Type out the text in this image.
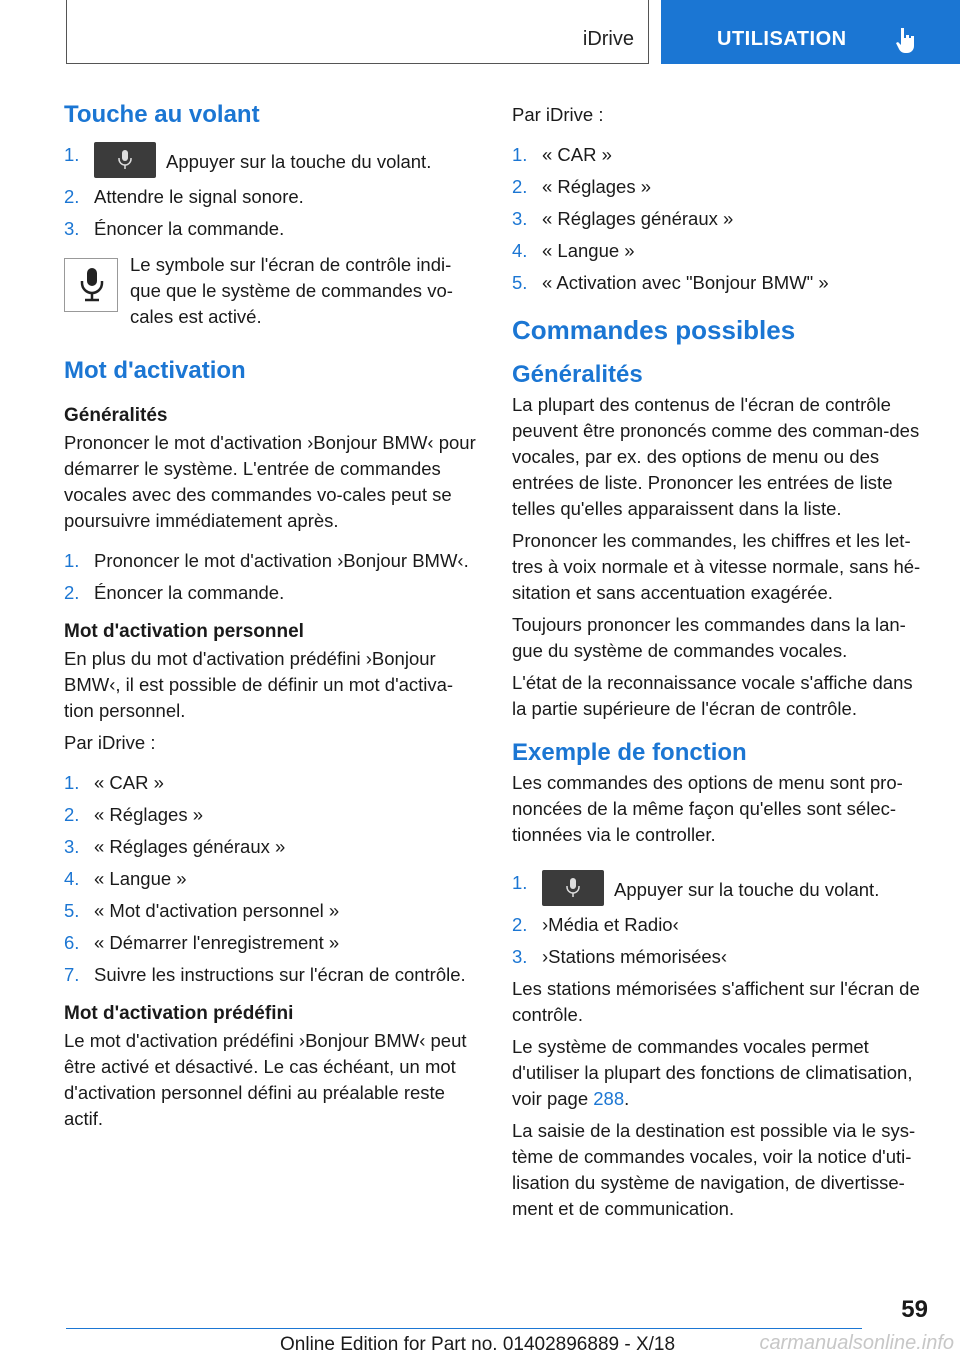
iDrive	UTILISATION
Touche au volant
1.	Appuyer sur la touche du volant.
2. Attendre le signal sonore.
3. Énoncer la commande.

Le symbole sur l'écran de contrôle indi-que que le système de commandes vo-cales est activé.

Mot d'activation
Généralités

Prononcer le mot d'activation ›Bonjour BMW‹ pour démarrer le système. L'entrée de commandes vocales avec des commandes vo-cales peut se poursuivre immédiatement après.

1. Prononcer le mot d'activation ›Bonjour BMW‹.
2. Énoncer la commande.
Mot d'activation personnel

En plus du mot d'activation prédéfini ›Bonjour BMW‹, il est possible de définir un mot d'activa-tion personnel.

Par iDrive :

1. « CAR »
2. « Réglages »
3. « Réglages généraux »
4. « Langue »
5. « Mot d'activation personnel »
6. « Démarrer l'enregistrement »
7. Suivre les instructions sur l'écran de contrôle.
Mot d'activation prédéfini

Le mot d'activation prédéfini ›Bonjour BMW‹ peut être activé et désactivé. Le cas échéant, un mot d'activation personnel défini au préalable reste actif.

Par iDrive :

1. « CAR »
2. « Réglages »
3. « Réglages généraux »
4. « Langue »
5. « Activation avec "Bonjour BMW" »
Commandes possibles
Généralités

La plupart des contenus de l'écran de contrôle peuvent être prononcés comme des comman-des vocales, par ex. des options de menu ou des entrées de liste. Prononcer les entrées de liste telles qu'elles apparaissent dans la liste.

Prononcer les commandes, les chiffres et les let-tres à voix normale et à vitesse normale, sans hé-sitation et sans accentuation exagérée.

Toujours prononcer les commandes dans la lan-gue du système de commandes vocales.

L'état de la reconnaissance vocale s'affiche dans la partie supérieure de l'écran de contrôle.

Exemple de fonction

Les commandes des options de menu sont pro-noncées de la même façon qu'elles sont sélec-tionnées via le controller.

1.	Appuyer sur la touche du volant.
2. ›Média et Radio‹
3. ›Stations mémorisées‹

Les stations mémorisées s'affichent sur l'écran de contrôle.

Le système de commandes vocales permet d'utiliser la plupart des fonctions de climatisation, voir page 288.

La saisie de la destination est possible via le sys-tème de commandes vocales, voir la notice d'uti-lisation du système de navigation, de divertisse-ment et de communication.

59
Online Edition for Part no. 01402896889 - X/18	carmanualsonline.info
